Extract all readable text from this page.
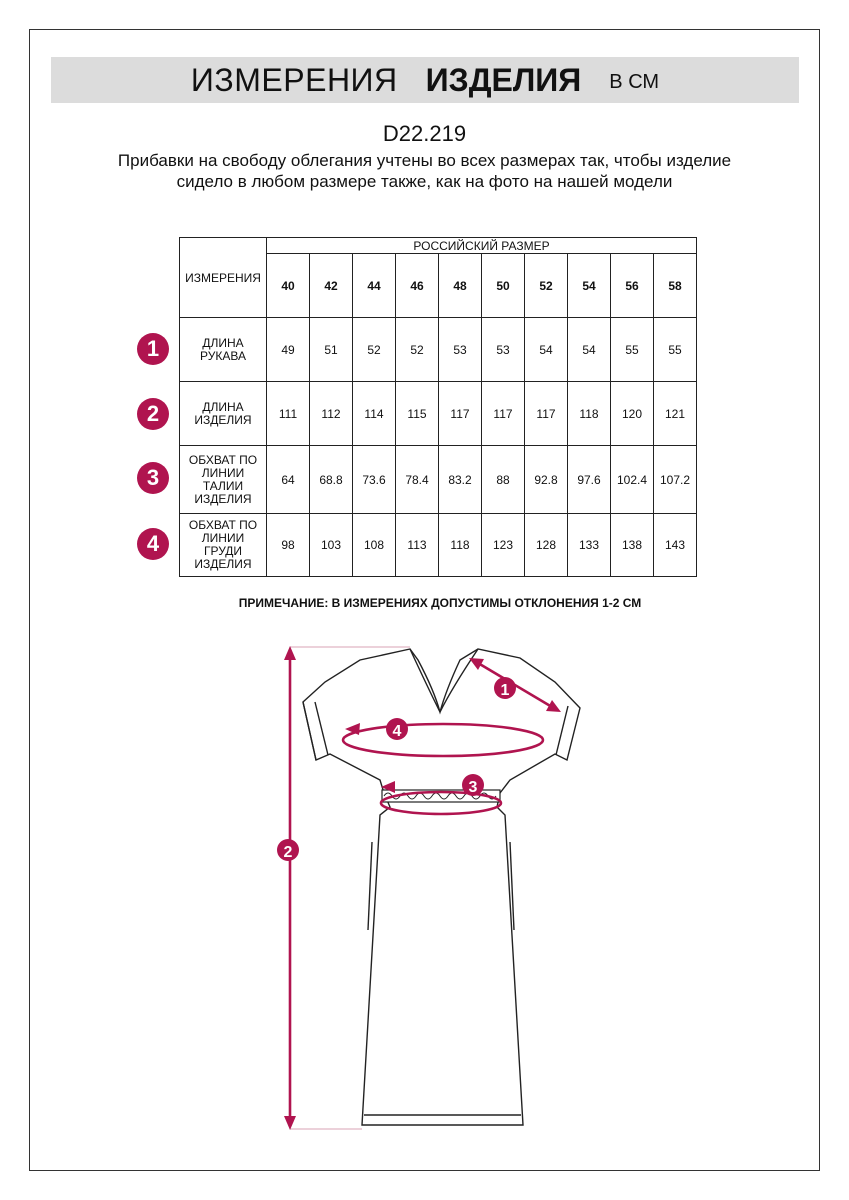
ИЗМЕРЕНИЯ ИЗДЕЛИЯ В СМ
D22.219
Прибавки на свободу облегания учтены во всех размерах так, чтобы изделие сидело в любом размере также, как на фото на нашей модели
ИЗМЕРЕНИЯ	РОССИЙСКИЙ РАЗМЕР									
	40	42	44	46	48	50	52	54	56	58
ДЛИНА
РУКАВА	49	51	52	52	53	53	54	54	55	55
ДЛИНА
ИЗДЕЛИЯ	111	112	114	115	117	117	117	118	120	121
ОБХВАТ ПО
ЛИНИИ
ТАЛИИ
ИЗДЕЛИЯ	64	68.8	73.6	78.4	83.2	88	92.8	97.6	102.4	107.2
ОБХВАТ ПО
ЛИНИИ
ГРУДИ
ИЗДЕЛИЯ	98	103	108	113	118	123	128	133	138	143
1
2
3
4
ПРИМЕЧАНИЕ: В ИЗМЕРЕНИЯХ ДОПУСТИМЫ ОТКЛОНЕНИЯ 1-2 СМ
1
2
3
4
